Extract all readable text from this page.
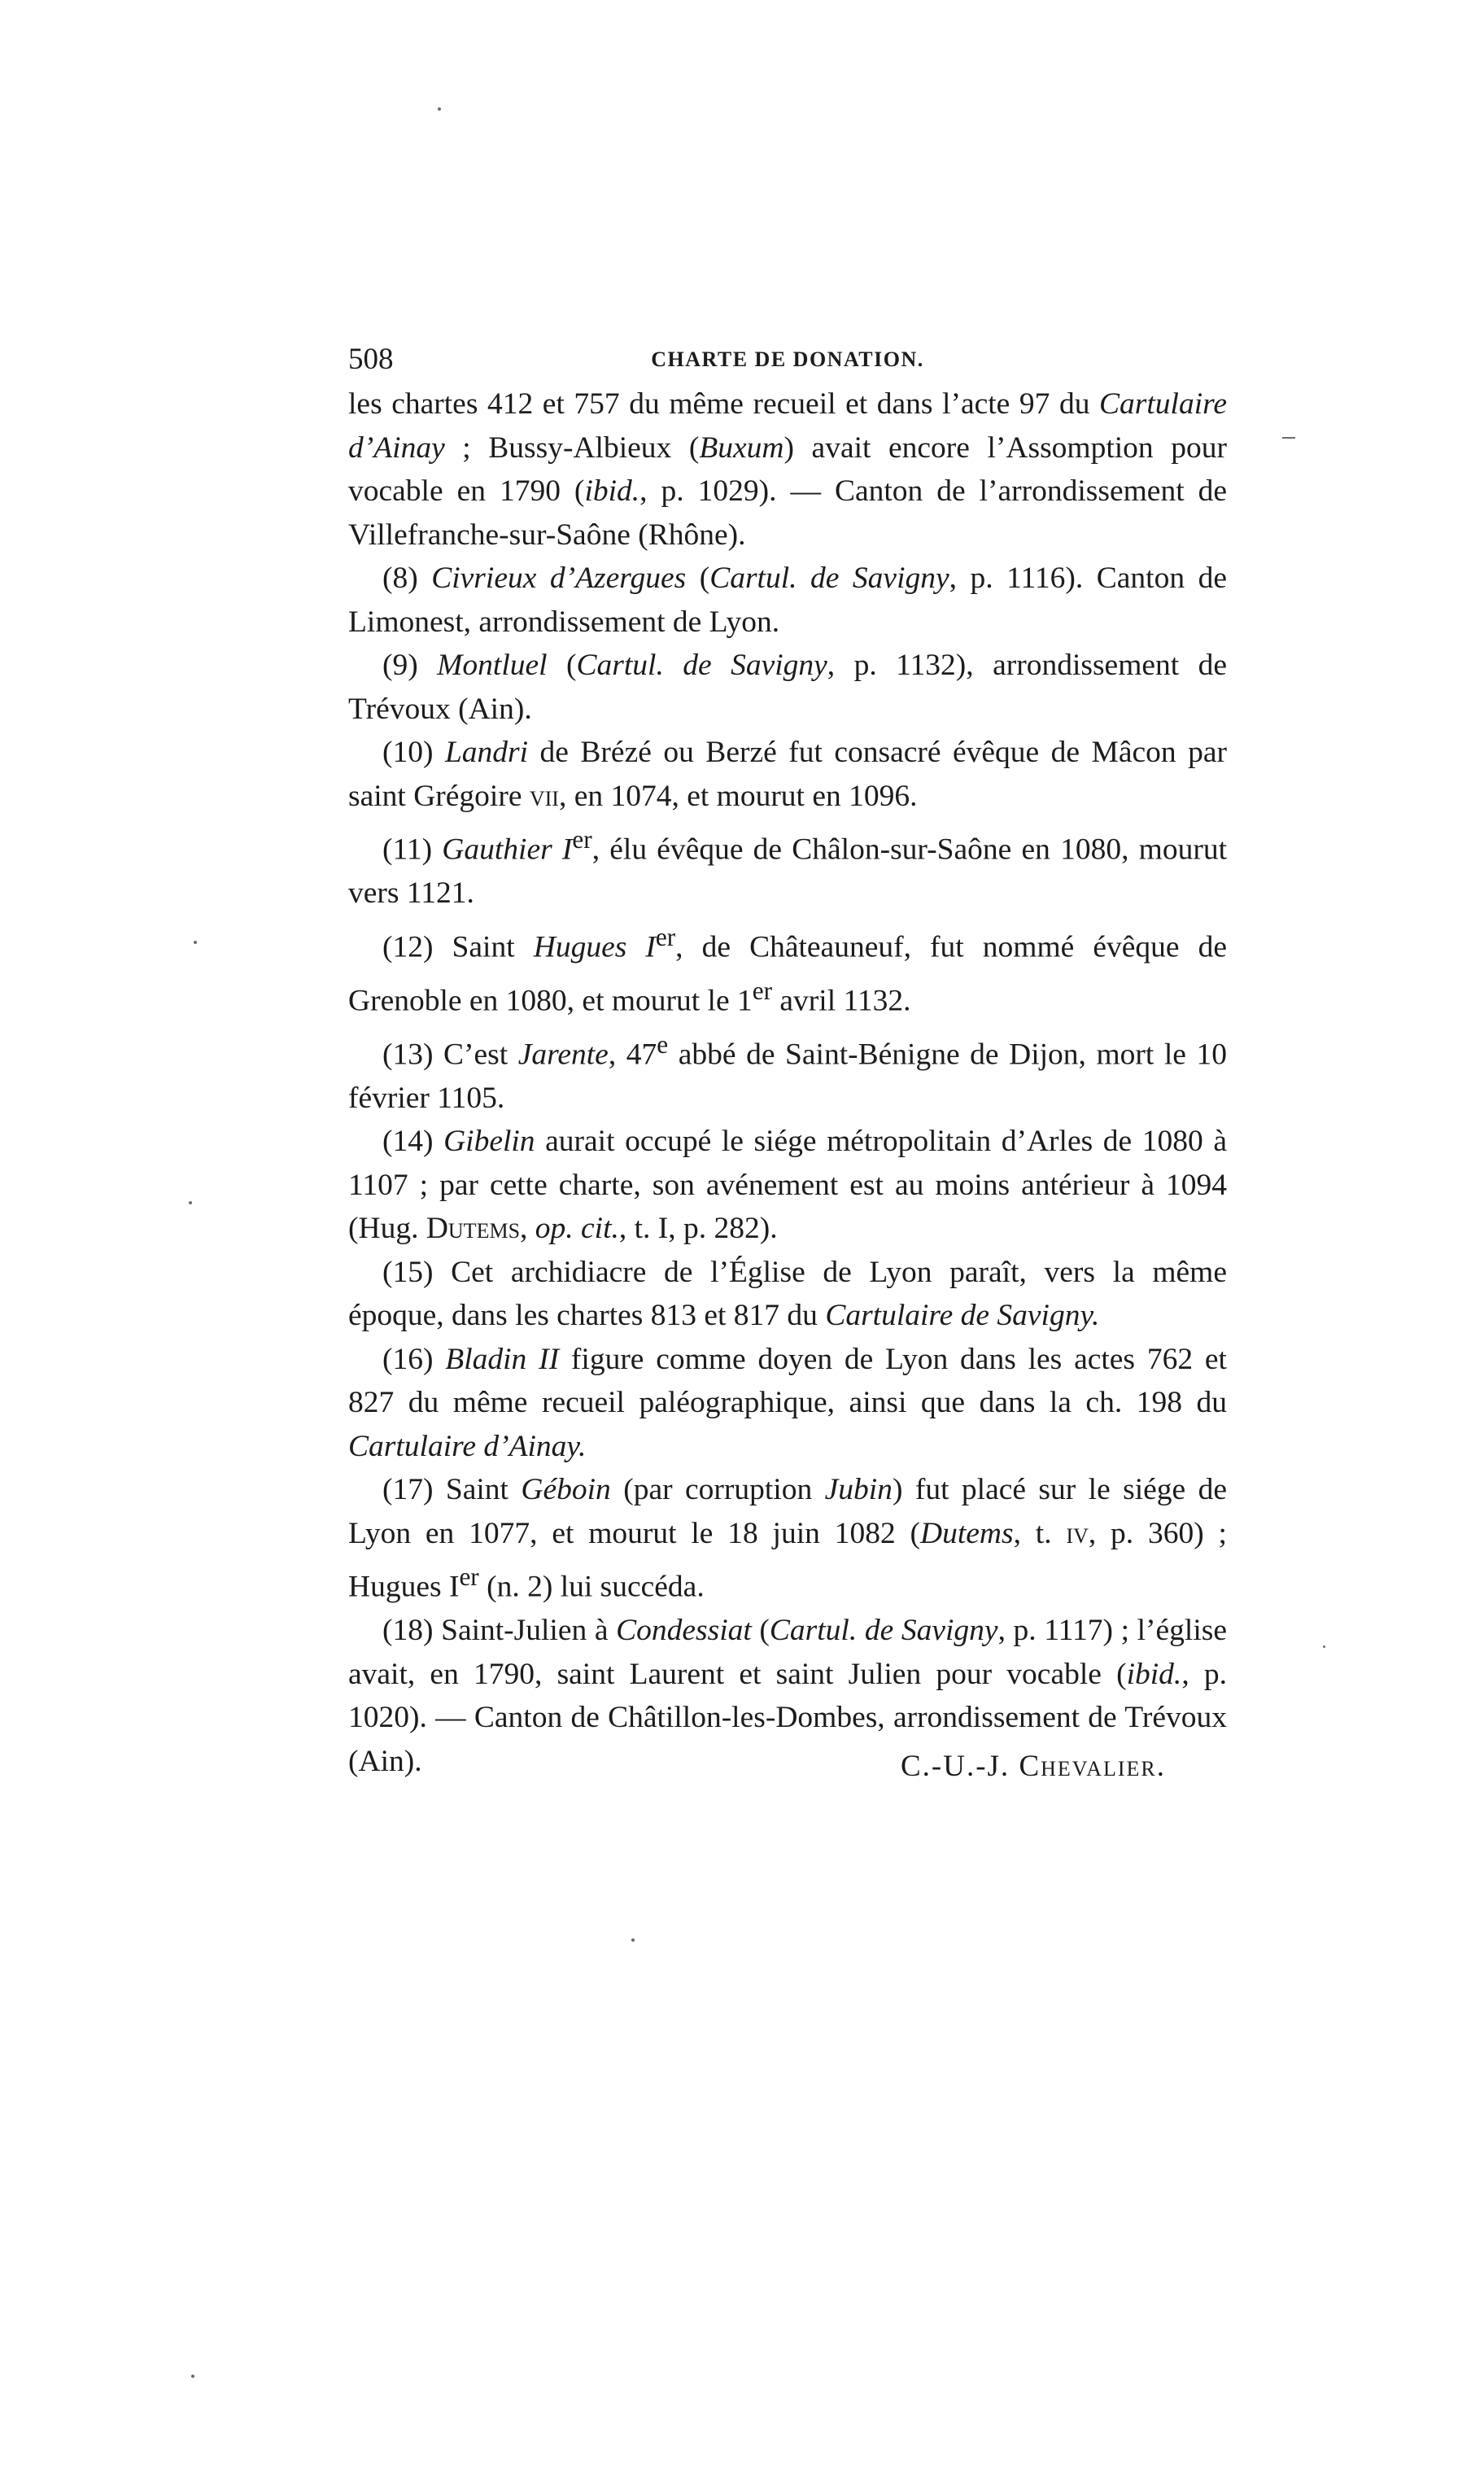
508	CHARTE DE DONATION.

les chartes 412 et 757 du même recueil et dans l’acte 97 du Cartulaire d’Ainay ; Bussy-Albieux (Buxum) avait encore l’Assomption pour vocable en 1790 (ibid., p. 1029). — Canton de l’arrondissement de Villefranche-sur-Saône (Rhône).

(8) Civrieux d’Azergues (Cartul. de Savigny, p. 1116). Canton de Limonest, arrondissement de Lyon.

(9) Montluel (Cartul. de Savigny, p. 1132), arrondissement de Trévoux (Ain).

(10) Landri de Brézé ou Berzé fut consacré évêque de Mâcon par saint Grégoire vii, en 1074, et mourut en 1096.

(11) Gauthier Ier, élu évêque de Châlon-sur-Saône en 1080, mourut vers 1121.

(12) Saint Hugues Ier, de Châteauneuf, fut nommé évêque de Grenoble en 1080, et mourut le 1er avril 1132.

(13) C’est Jarente, 47e abbé de Saint-Bénigne de Dijon, mort le 10 février 1105.

(14) Gibelin aurait occupé le siége métropolitain d’Arles de 1080 à 1107 ; par cette charte, son avénement est au moins antérieur à 1094 (Hug. Dutems, op. cit., t. I, p. 282).

(15) Cet archidiacre de l’Église de Lyon paraît, vers la même époque, dans les chartes 813 et 817 du Cartulaire de Savigny.

(16) Bladin II figure comme doyen de Lyon dans les actes 762 et 827 du même recueil paléographique, ainsi que dans la ch. 198 du Cartulaire d’Ainay.

(17) Saint Géboin (par corruption Jubin) fut placé sur le siége de Lyon en 1077, et mourut le 18 juin 1082 (Dutems, t. iv, p. 360) ; Hugues Ier (n. 2) lui succéda.

(18) Saint-Julien à Condessiat (Cartul. de Savigny, p. 1117) ; l’église avait, en 1790, saint Laurent et saint Julien pour vocable (ibid., p. 1020). — Canton de Châtillon-les-Dombes, arrondissement de Trévoux (Ain).	C.-U.-J. Chevalier.
